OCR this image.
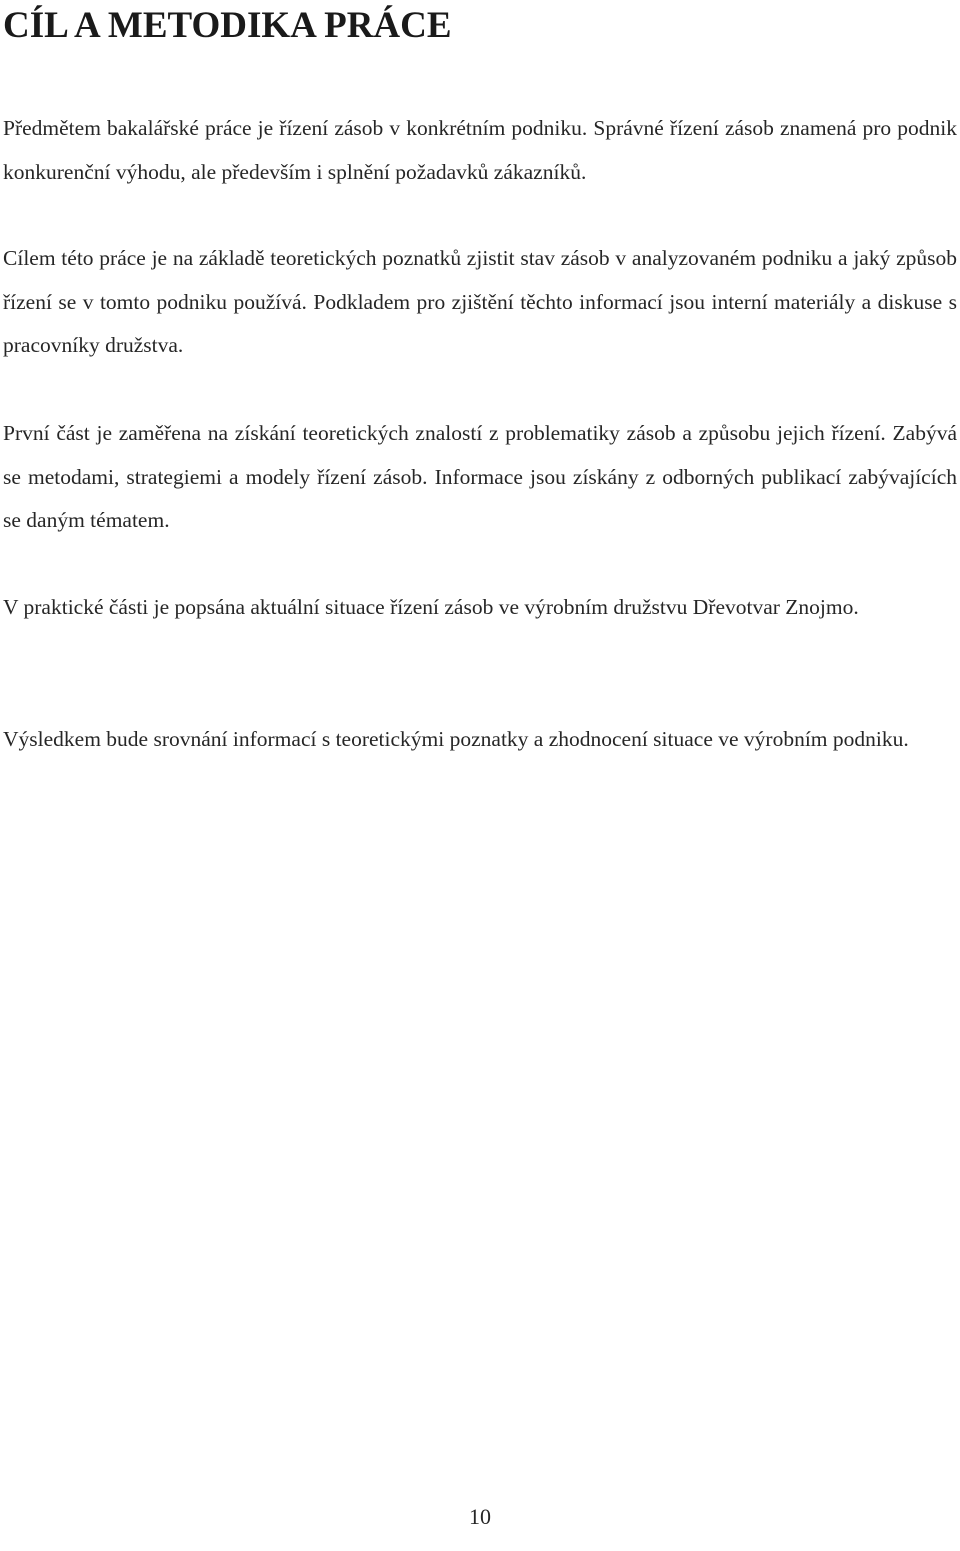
CÍL A METODIKA PRÁCE

Předmětem bakalářské práce je řízení zásob v konkrétním podniku. Správné řízení zásob znamená pro podnik konkurenční výhodu, ale především i splnění požadavků zákazníků.

Cílem této práce je na základě teoretických poznatků zjistit stav zásob v analyzovaném podniku a jaký způsob řízení se v tomto podniku používá. Podkladem pro zjištění těchto informací jsou interní materiály a diskuse s pracovníky družstva.

První část je zaměřena na získání teoretických znalostí z problematiky zásob a způsobu jejich řízení. Zabývá se metodami, strategiemi a modely řízení zásob. Informace jsou získány z odborných publikací zabývajících se daným tématem.

V praktické části je popsána aktuální situace řízení zásob ve výrobním družstvu Dřevotvar Znojmo.

Výsledkem bude srovnání informací s teoretickými poznatky a zhodnocení situace ve výrobním podniku.

10
